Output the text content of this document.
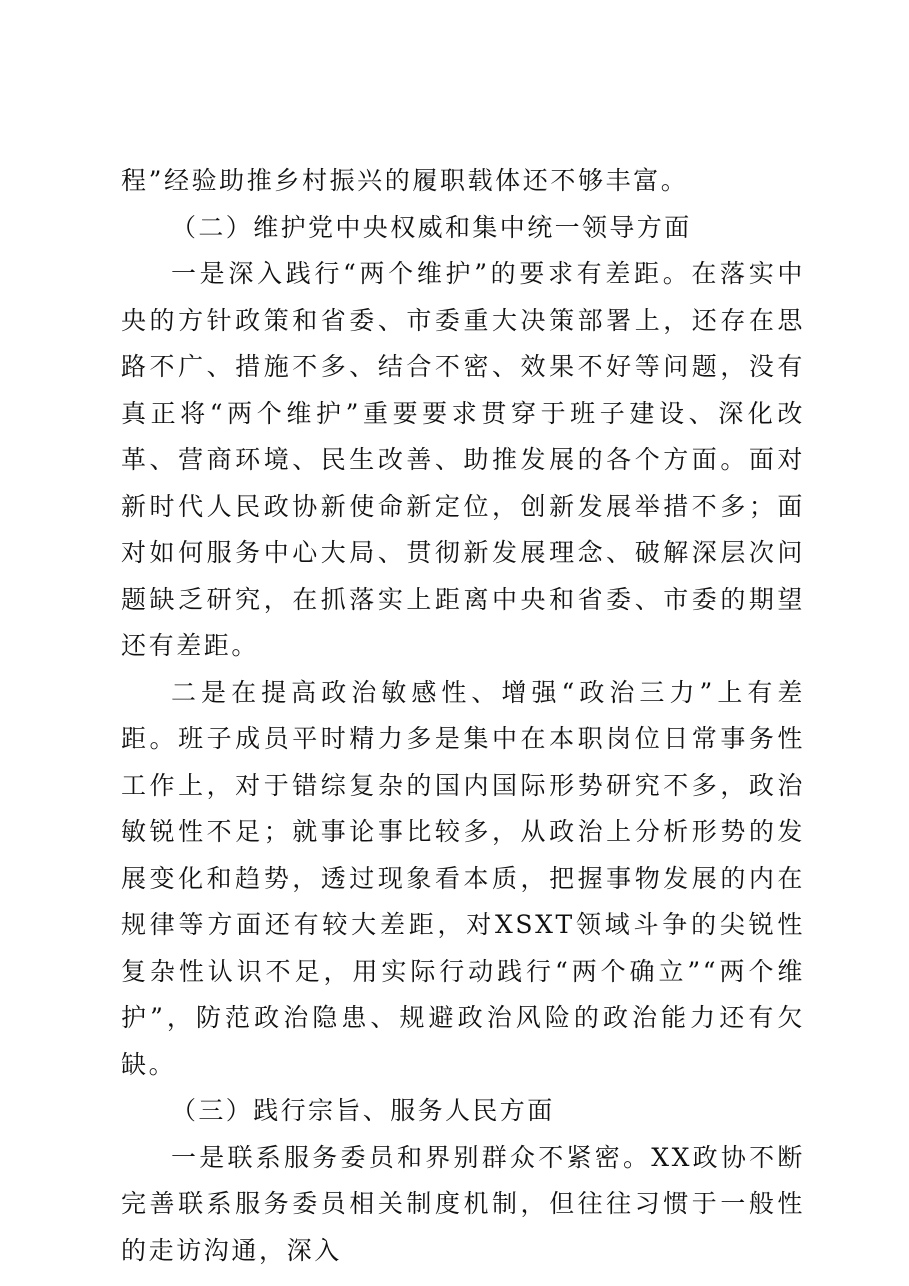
程”经验助推乡村振兴的履职载体还不够丰富。

（二）维护党中央权威和集中统一领导方面

一是深入践行“两个维护”的要求有差距。在落实中央的方针政策和省委、市委重大决策部署上，还存在思路不广、措施不多、结合不密、效果不好等问题，没有真正将“两个维护”重要要求贯穿于班子建设、深化改革、营商环境、民生改善、助推发展的各个方面。面对新时代人民政协新使命新定位，创新发展举措不多；面对如何服务中心大局、贯彻新发展理念、破解深层次问题缺乏研究，在抓落实上距离中央和省委、市委的期望还有差距。

二是在提高政治敏感性、增强“政治三力”上有差距。班子成员平时精力多是集中在本职岗位日常事务性工作上，对于错综复杂的国内国际形势研究不多，政治敏锐性不足；就事论事比较多，从政治上分析形势的发展变化和趋势，透过现象看本质，把握事物发展的内在规律等方面还有较大差距，对XSXT领域斗争的尖锐性复杂性认识不足，用实际行动践行“两个确立”“两个维护”，防范政治隐患、规避政治风险的政治能力还有欠缺。

（三）践行宗旨、服务人民方面

一是联系服务委员和界别群众不紧密。XX政协不断完善联系服务委员相关制度机制，但往往习惯于一般性的走访沟通，深入
